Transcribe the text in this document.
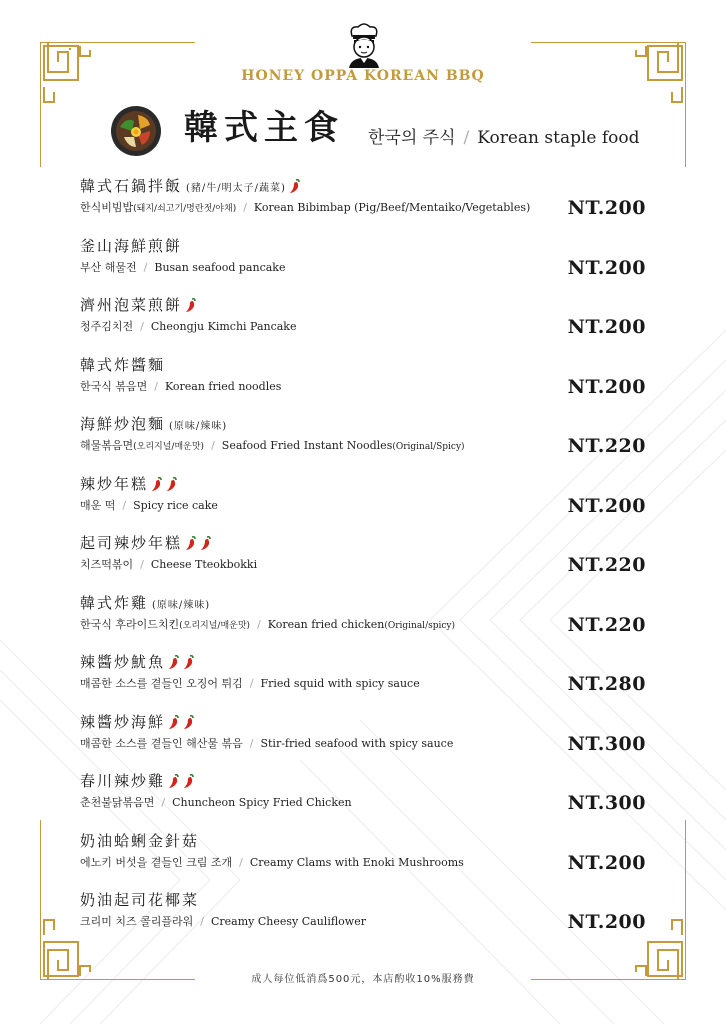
HONEY OPPA KOREAN BBQ
韓式主食 한국의 주식 / Korean staple food
韓式石鍋拌飯 (豬/牛/明太子/蔬菜)
한식비빔밥(돼지/쇠고기/명란젓/야채) / Korean Bibimbap (Pig/Beef/Mentaiko/Vegetables)	NT.200
釜山海鮮煎餅
부산 해물전 / Busan seafood pancake	NT.200
濟州泡菜煎餅
청주김치전 / Cheongju Kimchi Pancake	NT.200
韓式炸醬麵
한국식 볶음면 / Korean fried noodles	NT.200
海鮮炒泡麵 (原味/辣味)
해물볶음면(오리지널/매운맛) / Seafood Fried Instant Noodles(Original/Spicy)	NT.220
辣炒年糕
매운 떡 / Spicy rice cake	NT.200
起司辣炒年糕
치즈떡볶이 / Cheese Tteokbokki	NT.220
韓式炸雞 (原味/辣味)
한국식 후라이드치킨(오리지널/매운맛) / Korean fried chicken(Original/spicy)	NT.220
辣醬炒魷魚
매콤한 소스를 곁들인 오징어 튀김 / Fried squid with spicy sauce	NT.280
辣醬炒海鮮
매콤한 소스를 곁들인 해산물 볶음 / Stir-fried seafood with spicy sauce	NT.300
春川辣炒雞
춘천불닭볶음면 / Chuncheon Spicy Fried Chicken	NT.300
奶油蛤蜊金針菇
에노키 버섯을 곁들인 크림 조개 / Creamy Clams with Enoki Mushrooms	NT.200
奶油起司花椰菜
크리미 치즈 콜리플라워 / Creamy Cheesy Cauliflower	NT.200
成人每位低消爲500元，本店酌收10%服務費
